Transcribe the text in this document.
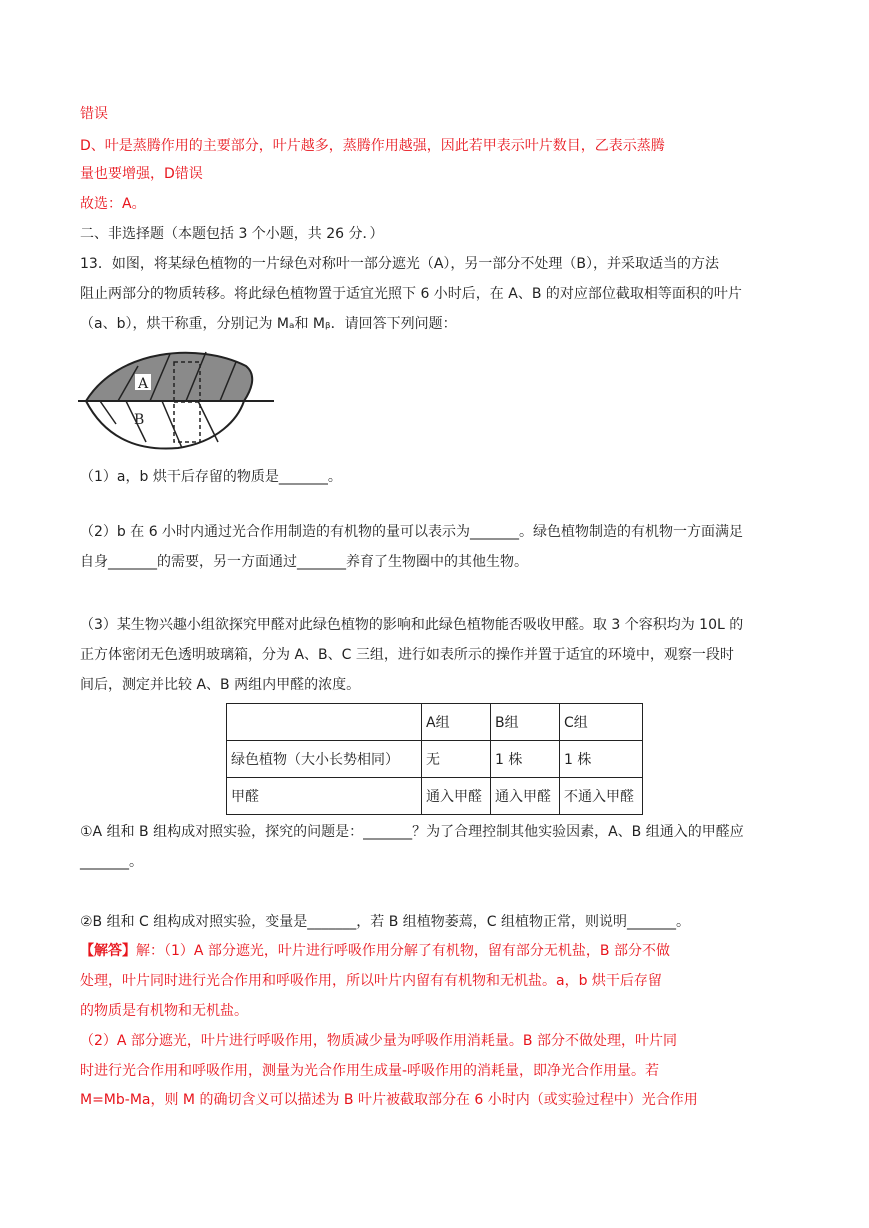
错误
D、叶是蒸腾作用的主要部分，叶片越多，蒸腾作用越强，因此若甲表示叶片数目，乙表示蒸腾
量也要增强，D错误
故选：A。
二、非选择题（本题包括 3 个小题，共 26 分．）
13．如图，将某绿色植物的一片绿色对称叶一部分遮光（A），另一部分不处理（B），并采取适当的方法
阻止两部分的物质转移。将此绿色植物置于适宜光照下 6 小时后，在 A、B 的对应部位截取相等面积的叶片
（a、b），烘干称重，分别记为 Mₐ和 Mᵦ．请回答下列问题：
A
B
（1）a，b 烘干后存留的物质是_______。
（2）b 在 6 小时内通过光合作用制造的有机物的量可以表示为_______。绿色植物制造的有机物一方面满足
自身_______的需要，另一方面通过_______养育了生物圈中的其他生物。
（3）某生物兴趣小组欲探究甲醛对此绿色植物的影响和此绿色植物能否吸收甲醛。取 3 个容积均为 10L 的
正方体密闭无色透明玻璃箱，分为 A、B、C 三组，进行如表所示的操作并置于适宜的环境中，观察一段时
间后，测定并比较 A、B 两组内甲醛的浓度。
	A组	B组	C组
绿色植物（大小长势相同）	无	1 株	1 株
甲醛	通入甲醛	通入甲醛	不通入甲醛
①A 组和 B 组构成对照实验，探究的问题是：_______？为了合理控制其他实验因素，A、B 组通入的甲醛应
_______。
②B 组和 C 组构成对照实验，变量是_______，若 B 组植物萎蔫，C 组植物正常，则说明_______。
【解答】解：（1）A 部分遮光，叶片进行呼吸作用分解了有机物，留有部分无机盐，B 部分不做
处理，叶片同时进行光合作用和呼吸作用，所以叶片内留有有机物和无机盐。a，b 烘干后存留
的物质是有机物和无机盐。
（2）A 部分遮光，叶片进行呼吸作用，物质减少量为呼吸作用消耗量。B 部分不做处理，叶片同
时进行光合作用和呼吸作用，测量为光合作用生成量-呼吸作用的消耗量，即净光合作用量。若
M=Mb-Ma，则 M 的确切含义可以描述为 B 叶片被截取部分在 6 小时内（或实验过程中）光合作用
